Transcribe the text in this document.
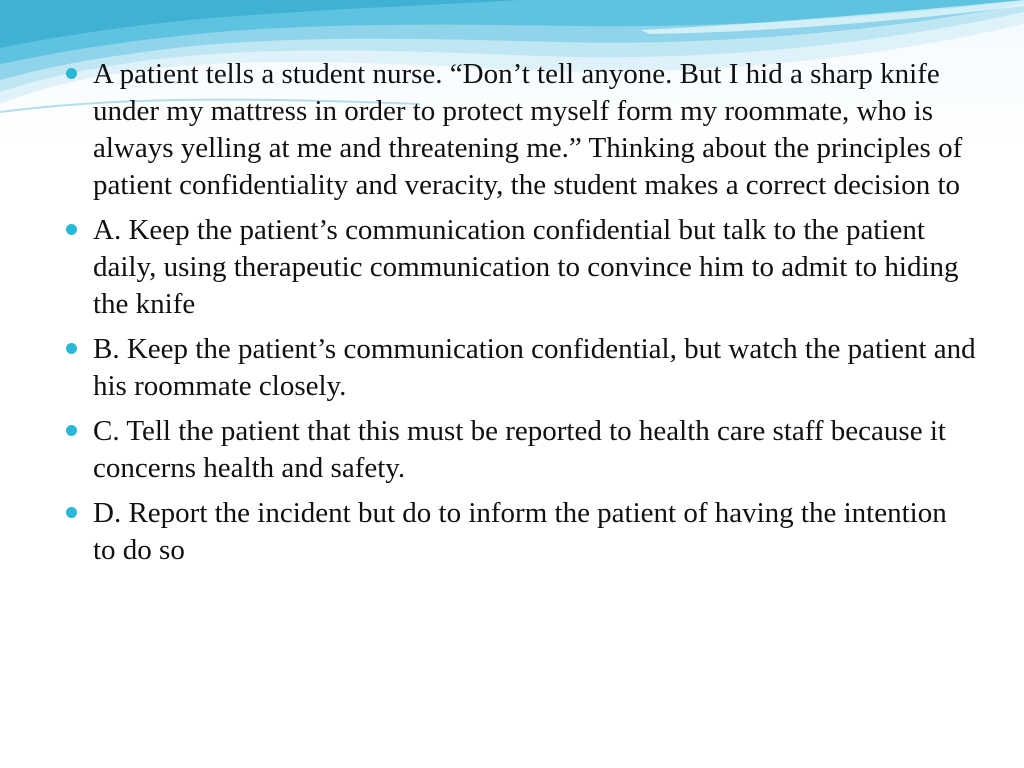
A patient tells a student nurse. “Don’t tell anyone. But I hid a sharp knife under my mattress in order to protect myself form my roommate, who is always yelling at me and threatening me.” Thinking about the principles of patient confidentiality and veracity, the student makes a correct decision to
A. Keep the patient’s communication confidential but talk to the patient daily, using therapeutic communication to convince him to admit to hiding the knife
B. Keep the patient’s communication confidential, but watch the patient and his roommate closely.
C. Tell the patient that this must be reported to health care staff because it concerns health and safety.
D. Report the incident but do to inform the patient of having the intention to do so
